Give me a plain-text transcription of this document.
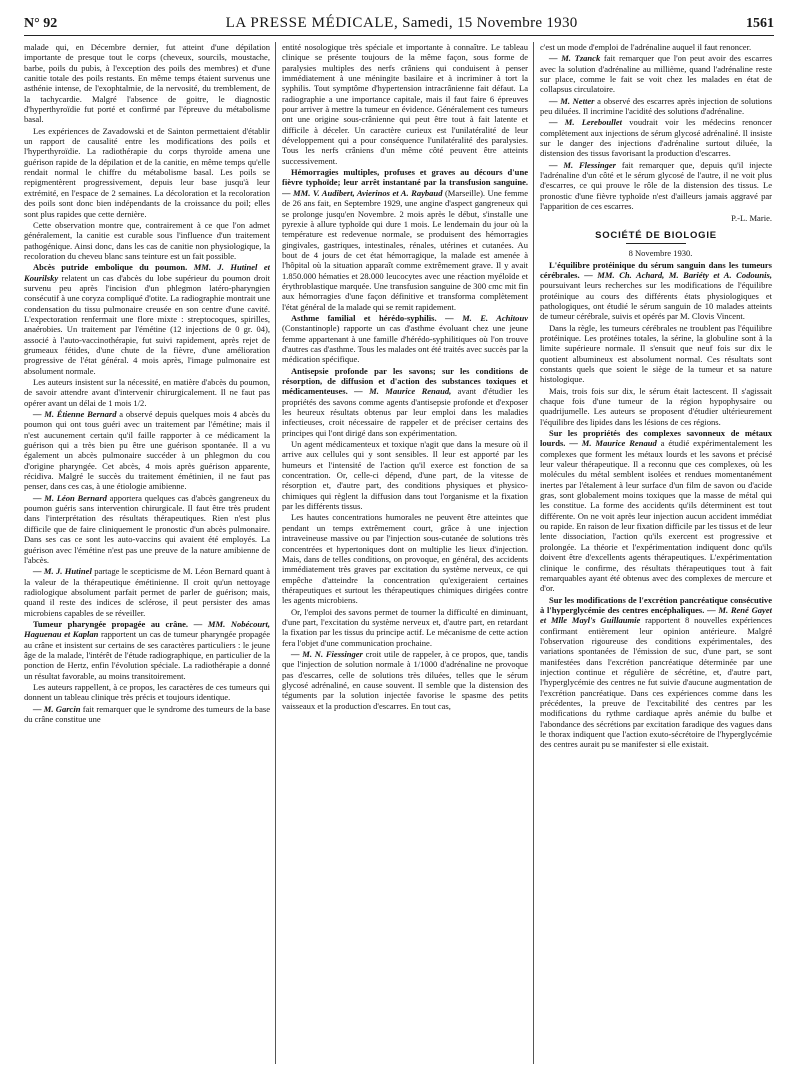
N° 92	LA PRESSE MÉDICALE, Samedi, 15 Novembre 1930	1561

malade qui, en Décembre dernier, fut atteint d'une dépilation importante de presque tout le corps (cheveux, sourcils, moustache, barbe, poils du pubis, à l'exception des poils des membres) et d'une canitie totale des poils restants. En même temps étaient survenus une asthénie intense, de l'exophtalmie, de la nervosité, du tremblement, de la tachycardie. Malgré l'absence de goitre, le diagnostic d'hyperthyroïdie fut porté et confirmé par l'épreuve du métabolisme basal.

Les expériences de Zavadowski et de Sainton permettaient d'établir un rapport de causalité entre les modifications des poils et l'hyperthyroïdie. La radiothérapie du corps thyroïde amena une guérison rapide de la dépilation et de la canitie, en même temps qu'elle rendait normal le chiffre du métabolisme basal. Les poils se repigmentèrent progressivement, depuis leur base jusqu'à leur extrémité, en l'espace de 2 semaines. La décoloration et la recoloration des poils sont donc bien indépendants de la croissance du poil; elles sont plus rapides que cette dernière.

Cette observation montre que, contrairement à ce que l'on admet généralement, la canitie est curable sous l'influence d'un traitement pathogénique. Ainsi donc, dans les cas de canitie non physiologique, la recoloration du cheveu blanc sans teinture est un fait possible.

Abcès putride embolique du poumon. MM. J. Hutinel et Kourilsky relatent un cas d'abcès du lobe supérieur du poumon droit survenu peu après l'incision d'un phlegmon latéro-pharyngien consécutif à une coryza compliqué d'otite. La radiographie montrait une condensation du tissu pulmonaire creusée en son centre d'une cavité. L'expectoration renfermait une flore mixte : streptocoques, spirilles, anaérobies. Un traitement par l'émétine (12 injections de 0 gr. 04), associé à l'auto-vaccinothérapie, fut suivi rapidement, après rejet de grumeaux fétides, d'une chute de la fièvre, d'une amélioration progressive de l'état général. 4 mois après, l'image pulmonaire est absolument normale.

Les auteurs insistent sur la nécessité, en matière d'abcès du poumon, de savoir attendre avant d'intervenir chirurgicalement. Il ne faut pas opérer avant un délai de 1 mois 1/2.

— M. Étienne Bernard a observé depuis quelques mois 4 abcès du poumon qui ont tous guéri avec un traitement par l'émétine; mais il n'est aucunement certain qu'il faille rapporter à ce médicament la guérison qui a très bien pu être une guérison spontanée. Il a vu également un abcès pulmonaire succéder à un phlegmon du cou d'origine pharyngée. Cet abcès, 4 mois après guérison apparente, récidiva. Malgré le succès du traitement émétinien, il ne faut pas penser, dans ces cas, à une étiologie amibienne.

— M. Léon Bernard apportera quelques cas d'abcès gangreneux du poumon guéris sans intervention chirurgicale. Il faut être très prudent dans l'interprétation des résultats thérapeutiques. Rien n'est plus difficile que de faire cliniquement le pronostic d'un abcès pulmonaire. Dans ses cas ce sont les auto-vaccins qui avaient été employés. La guérison avec l'émétine n'est pas une preuve de la nature amibienne de l'abcès.

— M. J. Hutinel partage le scepticisme de M. Léon Bernard quant à la valeur de la thérapeutique émétinienne. Il croit qu'un nettoyage radiologique absolument parfait permet de parler de guérison; mais, quand il reste des indices de sclérose, il peut persister des amas microbiens capables de se réveiller.

Tumeur pharyngée propagée au crâne. — MM. Nobécourt, Haguenau et Kaplan rapportent un cas de tumeur pharyngée propagée au crâne et insistent sur certains de ses caractères particuliers : le jeune âge de la malade, l'intérêt de l'étude radiographique, en particulier de la ponction de Hertz, enfin l'évolution spéciale. La radiothérapie a donné un résultat favorable, au moins transitoirement.

Les auteurs rappellent, à ce propos, les caractères de ces tumeurs qui donnent un tableau clinique très précis et toujours identique.

— M. Garcin fait remarquer que le syndrome des tumeurs de la base du crâne constitue une

entité nosologique très spéciale et importante à connaître. Le tableau clinique se présente toujours de la même façon, sous forme de paralysies multiples des nerfs crâniens qui conduisent à penser immédiatement à une méningite basilaire et à incriminer à tort la syphilis. Tout symptôme d'hypertension intracrânienne fait défaut. La radiographie a une importance capitale, mais il faut faire 6 épreuves pour arriver à mettre la tumeur en évidence. Généralement ces tumeurs ont une origine sous-crânienne qui peut être tout à fait latente et difficile à déceler. Un caractère curieux est l'unilatéralité de leur développement qui a pour conséquence l'unilatéralité des paralysies. Tous les nerfs crâniens d'un même côté peuvent être atteints successivement.

Hémorragies multiples, profuses et graves au décours d'une fièvre typhoïde; leur arrêt instantané par la transfusion sanguine. — MM. V. Audibert, Avierinos et A. Raybaud (Marseille). Une femme de 26 ans fait, en Septembre 1929, une angine d'aspect gangreneux qui se prolonge jusqu'en Novembre. 2 mois après le début, s'installe une pyrexie à allure typhoïde qui dure 1 mois. Le lendemain du jour où la température est redevenue normale, se produisent des hémorragies gingivales, gastriques, intestinales, rénales, utérines et cutanées. Au bout de 4 jours de cet état hémorragique, la malade est amenée à l'hôpital où la situation apparaît comme extrêmement grave. Il y avait 1.850.000 hématies et 28.000 leucocytes avec une réaction myéloïde et érythroblastique marquée. Une transfusion sanguine de 300 cmc mit fin aux hémorragies d'une façon définitive et transforma complètement l'état général de la malade qui se remit rapidement.

Asthme familial et hérédo-syphilis. — M. E. Achitouv (Constantinople) rapporte un cas d'asthme évoluant chez une jeune femme appartenant à une famille d'hérédo-syphilitiques où l'on trouve d'autres cas d'asthme. Tous les malades ont été traités avec succès par la médication spécifique.

Antisepsie profonde par les savons; sur les conditions de résorption, de diffusion et d'action des substances toxiques et médicamenteuses. — M. Maurice Renaud, avant d'étudier les propriétés des savons comme agents d'antisepsie profonde et d'exposer les heureux résultats obtenus par leur emploi dans les maladies infectieuses, croit nécessaire de rappeler et de préciser certains des principes qui l'ont dirigé dans son expérimentation.

Un agent médicamenteux et toxique n'agit que dans la mesure où il arrive aux cellules qui y sont sensibles. Il leur est apporté par les humeurs et l'intensité de l'action qu'il exerce est fonction de sa concentration. Or, celle-ci dépend, d'une part, de la vitesse de résorption et, d'autre part, des conditions physiques et physico-chimiques qui règlent la diffusion dans tout l'organisme et la fixation par les différents tissus.

Les hautes concentrations humorales ne peuvent être atteintes que pendant un temps extrêmement court, grâce à une injection intraveineuse massive ou par l'injection sous-cutanée de solutions très concentrées et hypertoniques dont on multiplie les lieux d'injection. Mais, dans de telles conditions, on provoque, en général, des accidents immédiatement très graves par excitation du système nerveux, ce qui empêche d'atteindre la concentration qu'exigeraient certaines thérapeutiques et surtout les thérapeutiques chimiques dirigées contre les agents microbiens.

Or, l'emploi des savons permet de tourner la difficulté en diminuant, d'une part, l'excitation du système nerveux et, d'autre part, en retardant la fixation par les tissus du principe actif. Le mécanisme de cette action fera l'objet d'une communication prochaine.

— M. N. Fiessinger croit utile de rappeler, à ce propos, que, tandis que l'injection de solution normale à 1/1000 d'adrénaline ne provoque pas d'escarres, celle de solutions très diluées, telles que le sérum glycosé adrénaliné, en cause souvent. Il semble que la distension des téguments par la solution injectée favorise le spasme des petits vaisseaux et la production d'escarres. En tout cas,

c'est un mode d'emploi de l'adrénaline auquel il faut renoncer.

— M. Tzanck fait remarquer que l'on peut avoir des escarres avec la solution d'adrénaline au millième, quand l'adrénaline reste sur place, comme le fait se voit chez les malades en état de collapsus circulatoire.

— M. Netter a observé des escarres après injection de solutions peu diluées. Il incrimine l'acidité des solutions d'adrénaline.

— M. Lereboullet voudrait voir les médecins renoncer complètement aux injections de sérum glycosé adrénaliné. Il insiste sur le danger des injections d'adrénaline surtout diluée, la distension des tissus favorisant la production d'escarres.

— M. Flessinger fait remarquer que, depuis qu'il injecte l'adrénaline d'un côté et le sérum glycosé de l'autre, il ne voit plus d'escarres, ce qui prouve le rôle de la distension des tissus. Le pronostic d'une fièvre typhoïde n'est d'ailleurs jamais aggravé par l'apparition de ces escarres.

P.-L. Marie.

SOCIÉTÉ DE BIOLOGIE

8 Novembre 1930.

L'équilibre protéinique du sérum sanguin dans les tumeurs cérébrales. — MM. Ch. Achard, M. Bariéty et A. Codounis, poursuivant leurs recherches sur les modifications de l'équilibre protéinique au cours des différents états physiologiques et pathologiques, ont étudié le sérum sanguin de 10 malades atteints de tumeur cérébrale, suivis et opérés par M. Clovis Vincent.

Dans la règle, les tumeurs cérébrales ne troublent pas l'équilibre protéinique. Les protéines totales, la sérine, la globuline sont à la limite supérieure normale. Il s'ensuit que neuf fois sur dix le quotient albumineux est absolument normal. Ces résultats sont constants quels que soient le siège de la tumeur et sa nature histologique.

Mais, trois fois sur dix, le sérum était lactescent. Il s'agissait chaque fois d'une tumeur de la région hypophysaire ou quadrijumelle. Les auteurs se proposent d'étudier ultérieurement l'équilibre des lipides dans les lésions de ces régions.

Sur les propriétés des complexes savonneux de métaux lourds. — M. Maurice Renaud a étudié expérimentalement les complexes que forment les métaux lourds et les savons et précisé leur valeur thérapeutique. Il a reconnu que ces complexes, où les molécules du métal semblent isolées et rendues momentanément inertes par l'étalement à leur surface d'un film de savon ou d'acide gras, sont globalement moins toxiques que la masse de métal qui les constitue. La forme des accidents qu'ils déterminent est tout différente. On ne voit après leur injection aucun accident immédiat ou rapide. En raison de leur fixation difficile par les tissus et de leur lente dissociation, l'action qu'ils exercent est progressive et prolongée. La théorie et l'expérimentation indiquent donc qu'ils doivent être d'excellents agents thérapeutiques. L'expérimentation clinique le confirme, des résultats thérapeutiques tout à fait remarquables ayant été obtenus avec des complexes de mercure et d'or.

Sur les modifications de l'excrétion pancréatique consécutive à l'hyperglycémie des centres encéphaliques. — M. René Gayet et Mlle Mayl's Guillaumie rapportent 8 nouvelles expériences confirmant entièrement leur opinion antérieure. Malgré l'observation rigoureuse des conditions expérimentales, des variations spontanées de l'émission de suc, d'une part, se sont manifestées dans l'excrétion pancréatique déterminée par une injection continue et régulière de sécrétine, et, d'autre part, l'hyperglycémie des centres ne fut suivie d'aucune augmentation de l'excrétion pancréatique. Dans ces expériences comme dans les précédentes, la preuve de l'excitabilité des centres par les modifications du rythme cardiaque après anémie du bulbe et l'abondance des sécrétions par excitation faradique des vagues dans le thorax indiquent que l'action exuto-sécrétoire de l'hyperglycémie des centres aurait pu se manifester si elle existait.
